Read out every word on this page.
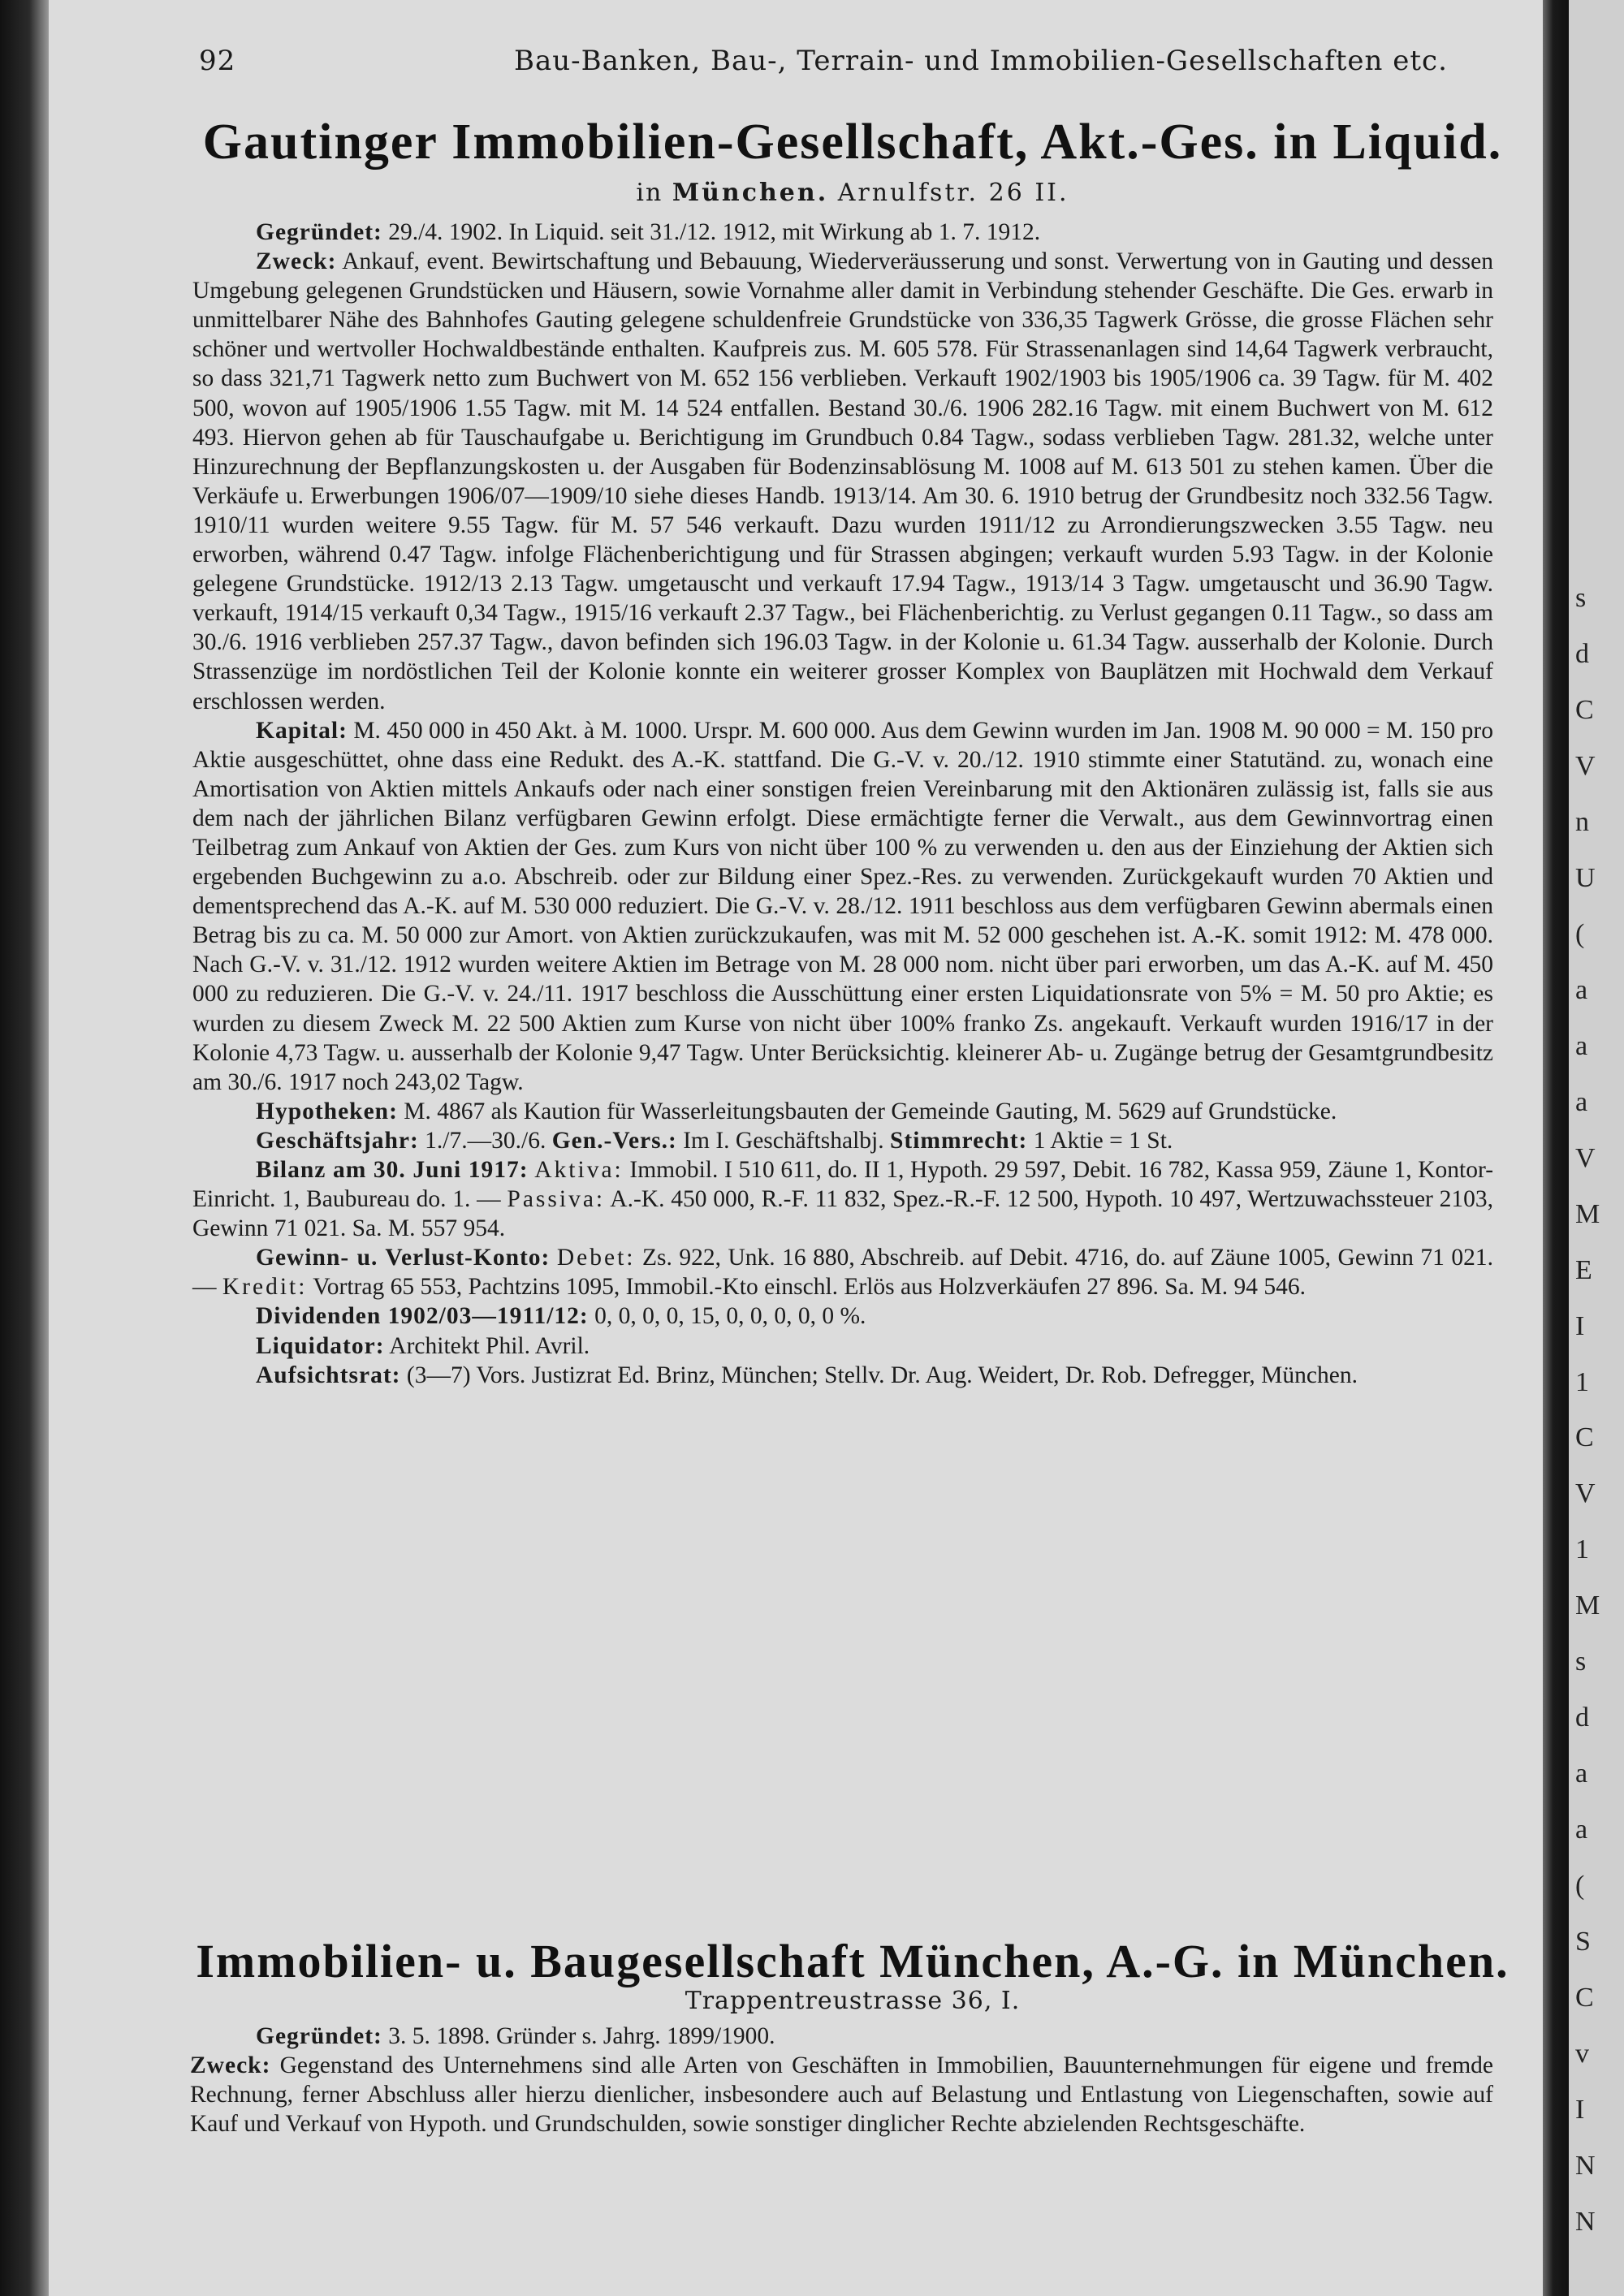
s
d
C
V
n
U
(
a
a
a
V
M
E
I
1
C
V
1
M
s
d
a
a
(
S
C
v
I
N
N
92	Bau-Banken, Bau-, Terrain- und Immobilien-Gesellschaften etc.
Gautinger Immobilien-Gesellschaft, Akt.-Ges. in Liquid.
in München. Arnulfstr. 26 II.

Gegründet: 29./4. 1902. In Liquid. seit 31./12. 1912, mit Wirkung ab 1. 7. 1912.

Zweck: Ankauf, event. Bewirtschaftung und Bebauung, Wiederveräusserung und sonst. Verwertung von in Gauting und dessen Umgebung gelegenen Grundstücken und Häusern, sowie Vornahme aller damit in Verbindung stehender Geschäfte. Die Ges. erwarb in unmittelbarer Nähe des Bahnhofes Gauting gelegene schuldenfreie Grundstücke von 336,35 Tagwerk Grösse, die grosse Flächen sehr schöner und wertvoller Hochwaldbestände enthalten. Kaufpreis zus. M. 605 578. Für Strassenanlagen sind 14,64 Tagwerk verbraucht, so dass 321,71 Tagwerk netto zum Buchwert von M. 652 156 verblieben. Verkauft 1902/1903 bis 1905/1906 ca. 39 Tagw. für M. 402 500, wovon auf 1905/1906 1.55 Tagw. mit M. 14 524 entfallen. Bestand 30./6. 1906 282.16 Tagw. mit einem Buchwert von M. 612 493. Hiervon gehen ab für Tauschaufgabe u. Berichtigung im Grundbuch 0.84 Tagw., sodass verblieben Tagw. 281.32, welche unter Hinzurechnung der Bepflanzungskosten u. der Ausgaben für Bodenzinsablösung M. 1008 auf M. 613 501 zu stehen kamen. Über die Verkäufe u. Erwerbungen 1906/07—1909/10 siehe dieses Handb. 1913/14. Am 30. 6. 1910 betrug der Grundbesitz noch 332.56 Tagw. 1910/11 wurden weitere 9.55 Tagw. für M. 57 546 verkauft. Dazu wurden 1911/12 zu Arrondierungszwecken 3.55 Tagw. neu erworben, während 0.47 Tagw. infolge Flächenberichtigung und für Strassen abgingen; verkauft wurden 5.93 Tagw. in der Kolonie gelegene Grundstücke. 1912/13 2.13 Tagw. umgetauscht und verkauft 17.94 Tagw., 1913/14 3 Tagw. umgetauscht und 36.90 Tagw. verkauft, 1914/15 verkauft 0,34 Tagw., 1915/16 verkauft 2.37 Tagw., bei Flächenberichtig. zu Verlust gegangen 0.11 Tagw., so dass am 30./6. 1916 verblieben 257.37 Tagw., davon befinden sich 196.03 Tagw. in der Kolonie u. 61.34 Tagw. ausserhalb der Kolonie. Durch Strassenzüge im nordöstlichen Teil der Kolonie konnte ein weiterer grosser Komplex von Bauplätzen mit Hochwald dem Verkauf erschlossen werden.

Kapital: M. 450 000 in 450 Akt. à M. 1000. Urspr. M. 600 000. Aus dem Gewinn wurden im Jan. 1908 M. 90 000 = M. 150 pro Aktie ausgeschüttet, ohne dass eine Redukt. des A.-K. stattfand. Die G.-V. v. 20./12. 1910 stimmte einer Statutänd. zu, wonach eine Amortisation von Aktien mittels Ankaufs oder nach einer sonstigen freien Vereinbarung mit den Aktionären zulässig ist, falls sie aus dem nach der jährlichen Bilanz verfügbaren Gewinn erfolgt. Diese ermächtigte ferner die Verwalt., aus dem Gewinnvortrag einen Teilbetrag zum Ankauf von Aktien der Ges. zum Kurs von nicht über 100 % zu verwenden u. den aus der Einziehung der Aktien sich ergebenden Buchgewinn zu a.o. Abschreib. oder zur Bildung einer Spez.-Res. zu verwenden. Zurückgekauft wurden 70 Aktien und dementsprechend das A.-K. auf M. 530 000 reduziert. Die G.-V. v. 28./12. 1911 beschloss aus dem verfügbaren Gewinn abermals einen Betrag bis zu ca. M. 50 000 zur Amort. von Aktien zurückzukaufen, was mit M. 52 000 geschehen ist. A.-K. somit 1912: M. 478 000. Nach G.-V. v. 31./12. 1912 wurden weitere Aktien im Betrage von M. 28 000 nom. nicht über pari erworben, um das A.-K. auf M. 450 000 zu reduzieren. Die G.-V. v. 24./11. 1917 beschloss die Ausschüttung einer ersten Liquidationsrate von 5% = M. 50 pro Aktie; es wurden zu diesem Zweck M. 22 500 Aktien zum Kurse von nicht über 100% franko Zs. angekauft. Verkauft wurden 1916/17 in der Kolonie 4,73 Tagw. u. ausserhalb der Kolonie 9,47 Tagw. Unter Berücksichtig. kleinerer Ab- u. Zugänge betrug der Gesamtgrundbesitz am 30./6. 1917 noch 243,02 Tagw.

Hypotheken: M. 4867 als Kaution für Wasserleitungsbauten der Gemeinde Gauting, M. 5629 auf Grundstücke.

Geschäftsjahr: 1./7.—30./6. Gen.-Vers.: Im I. Geschäftshalbj. Stimmrecht: 1 Aktie = 1 St.

Bilanz am 30. Juni 1917: Aktiva: Immobil. I 510 611, do. II 1, Hypoth. 29 597, Debit. 16 782, Kassa 959, Zäune 1, Kontor-Einricht. 1, Baubureau do. 1. — Passiva: A.-K. 450 000, R.-F. 11 832, Spez.-R.-F. 12 500, Hypoth. 10 497, Wertzuwachssteuer 2103, Gewinn 71 021. Sa. M. 557 954.

Gewinn- u. Verlust-Konto: Debet: Zs. 922, Unk. 16 880, Abschreib. auf Debit. 4716, do. auf Zäune 1005, Gewinn 71 021. — Kredit: Vortrag 65 553, Pachtzins 1095, Immobil.-Kto einschl. Erlös aus Holzverkäufen 27 896. Sa. M. 94 546.

Dividenden 1902/03—1911/12: 0, 0, 0, 0, 15, 0, 0, 0, 0, 0 %.

Liquidator: Architekt Phil. Avril.

Aufsichtsrat: (3—7) Vors. Justizrat Ed. Brinz, München; Stellv. Dr. Aug. Weidert, Dr. Rob. Defregger, München.

Immobilien- u. Baugesellschaft München, A.-G. in München.
Trappentreustrasse 36, I.

Gegründet: 3. 5. 1898. Gründer s. Jahrg. 1899/1900.

Zweck: Gegenstand des Unternehmens sind alle Arten von Geschäften in Immobilien, Bauunternehmungen für eigene und fremde Rechnung, ferner Abschluss aller hierzu dienlicher, insbesondere auch auf Belastung und Entlastung von Liegenschaften, sowie auf Kauf und Verkauf von Hypoth. und Grundschulden, sowie sonstiger dinglicher Rechte abzielenden Rechtsgeschäfte.
